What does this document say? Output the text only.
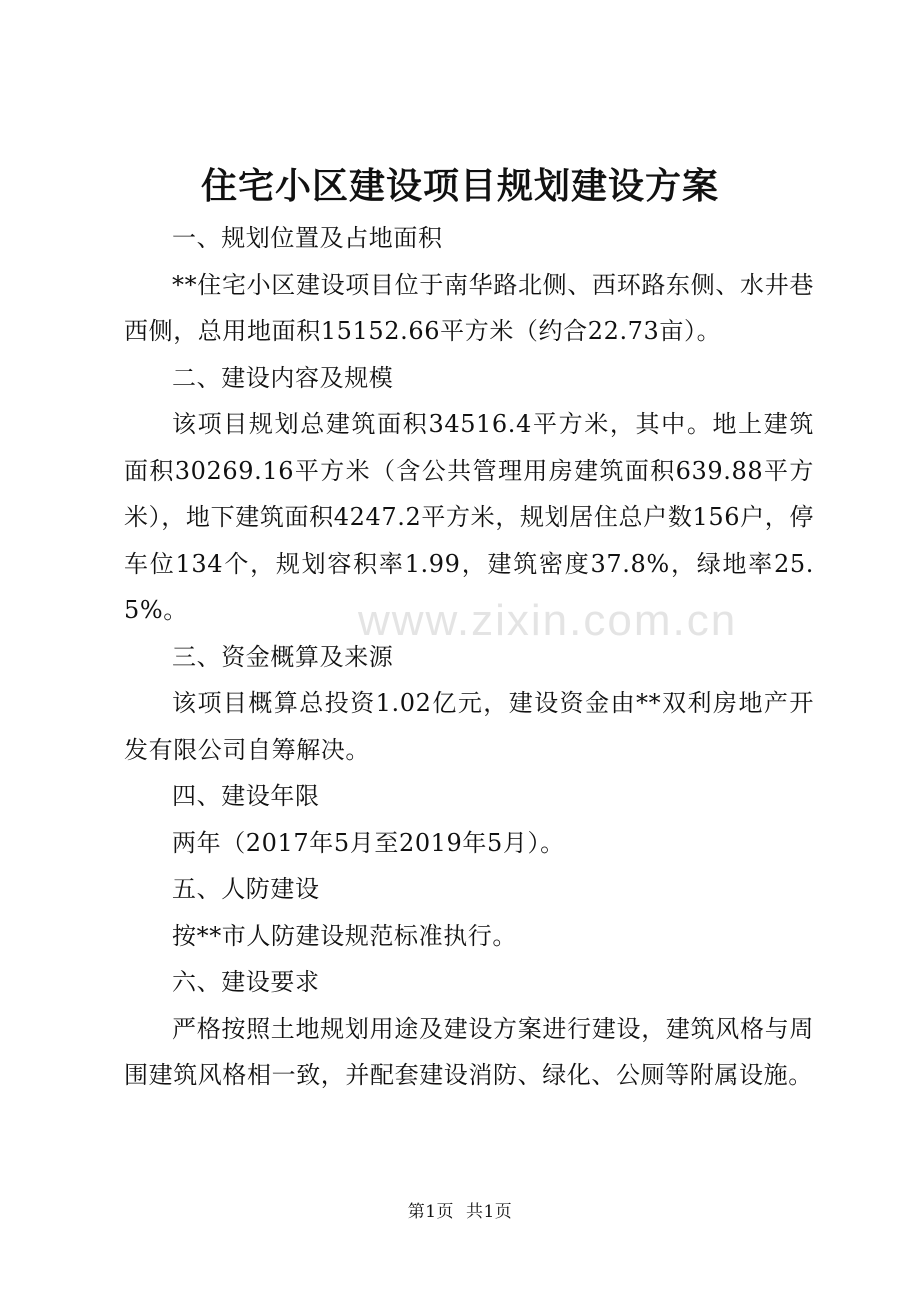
住宅小区建设项目规划建设方案

一、规划位置及占地面积

**住宅小区建设项目位于南华路北侧、西环路东侧、水井巷西侧，总用地面积15152.66平方米（约合22.73亩）。

二、建设内容及规模

该项目规划总建筑面积34516.4平方米，其中。地上建筑面积30269.16平方米（含公共管理用房建筑面积639.88平方米），地下建筑面积4247.2平方米，规划居住总户数156户，停车位134个，规划容积率1.99，建筑密度37.8%，绿地率25.5%。

三、资金概算及来源

该项目概算总投资1.02亿元，建设资金由**双利房地产开发有限公司自筹解决。

四、建设年限

两年（2017年5月至2019年5月）。

五、人防建设

按**市人防建设规范标准执行。

六、建设要求

严格按照土地规划用途及建设方案进行建设，建筑风格与周围建筑风格相一致，并配套建设消防、绿化、公厕等附属设施。

www.zixin.com.cn
第1页 共1页
